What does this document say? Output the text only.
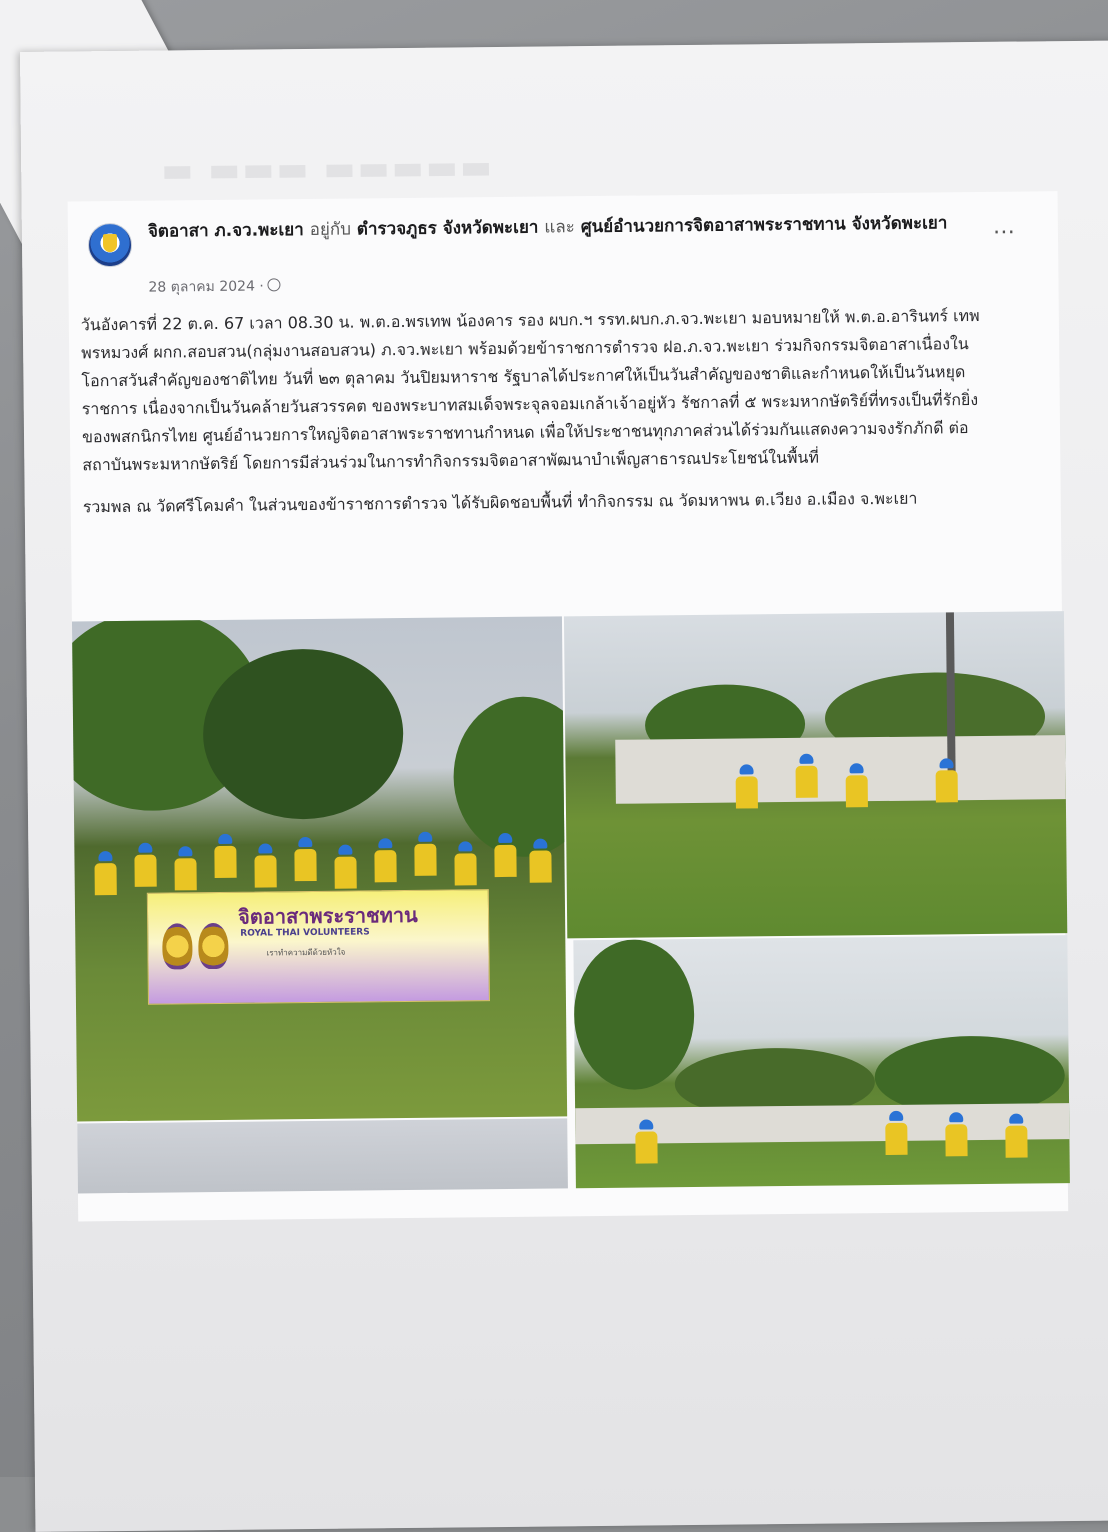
▬ ▬▬▬ ▬▬▬▬▬
จิตอาสา ภ.จว.พะเยา อยู่กับ ตำรวจภูธร จังหวัดพะเยา และ ศูนย์อำนวยการจิตอาสาพระราชทาน จังหวัดพะเยา
28 ตุลาคม 2024 ·
⋯

วันอังคารที่ 22 ต.ค. 67 เวลา 08.30 น. พ.ต.อ.พรเทพ น้องคาร รอง ผบก.ฯ รรท.ผบก.ภ.จว.พะเยา มอบหมายให้ พ.ต.อ.อารินทร์ เทพพรหมวงศ์ ผกก.สอบสวน(กลุ่มงานสอบสวน) ภ.จว.พะเยา พร้อมด้วยข้าราชการตำรวจ ฝอ.ภ.จว.พะเยา ร่วมกิจกรรมจิตอาสาเนื่องในโอกาสวันสำคัญของชาติไทย วันที่ ๒๓ ตุลาคม วันปิยมหาราช รัฐบาลได้ประกาศให้เป็นวันสำคัญของชาติและกำหนดให้เป็นวันหยุดราชการ เนื่องจากเป็นวันคล้ายวันสวรรคต ของพระบาทสมเด็จพระจุลจอมเกล้าเจ้าอยู่หัว รัชกาลที่ ๕ พระมหากษัตริย์ที่ทรงเป็นที่รักยิ่งของพสกนิกรไทย ศูนย์อำนวยการใหญ่จิตอาสาพระราชทานกำหนด เพื่อให้ประชาชนทุกภาคส่วนได้ร่วมกันแสดงความจงรักภักดี ต่อสถาบันพระมหากษัตริย์ โดยการมีส่วนร่วมในการทำกิจกรรมจิตอาสาพัฒนาบำเพ็ญสาธารณประโยชน์ในพื้นที่

รวมพล ณ วัดศรีโคมคำ ในส่วนของข้าราชการตำรวจ ได้รับผิดชอบพื้นที่ ทำกิจกรรม ณ วัดมหาพน ต.เวียง อ.เมือง จ.พะเยา

จิตอาสาพระราชทาน
ROYAL THAI VOLUNTEERS
เราทำความดีด้วยหัวใจ
